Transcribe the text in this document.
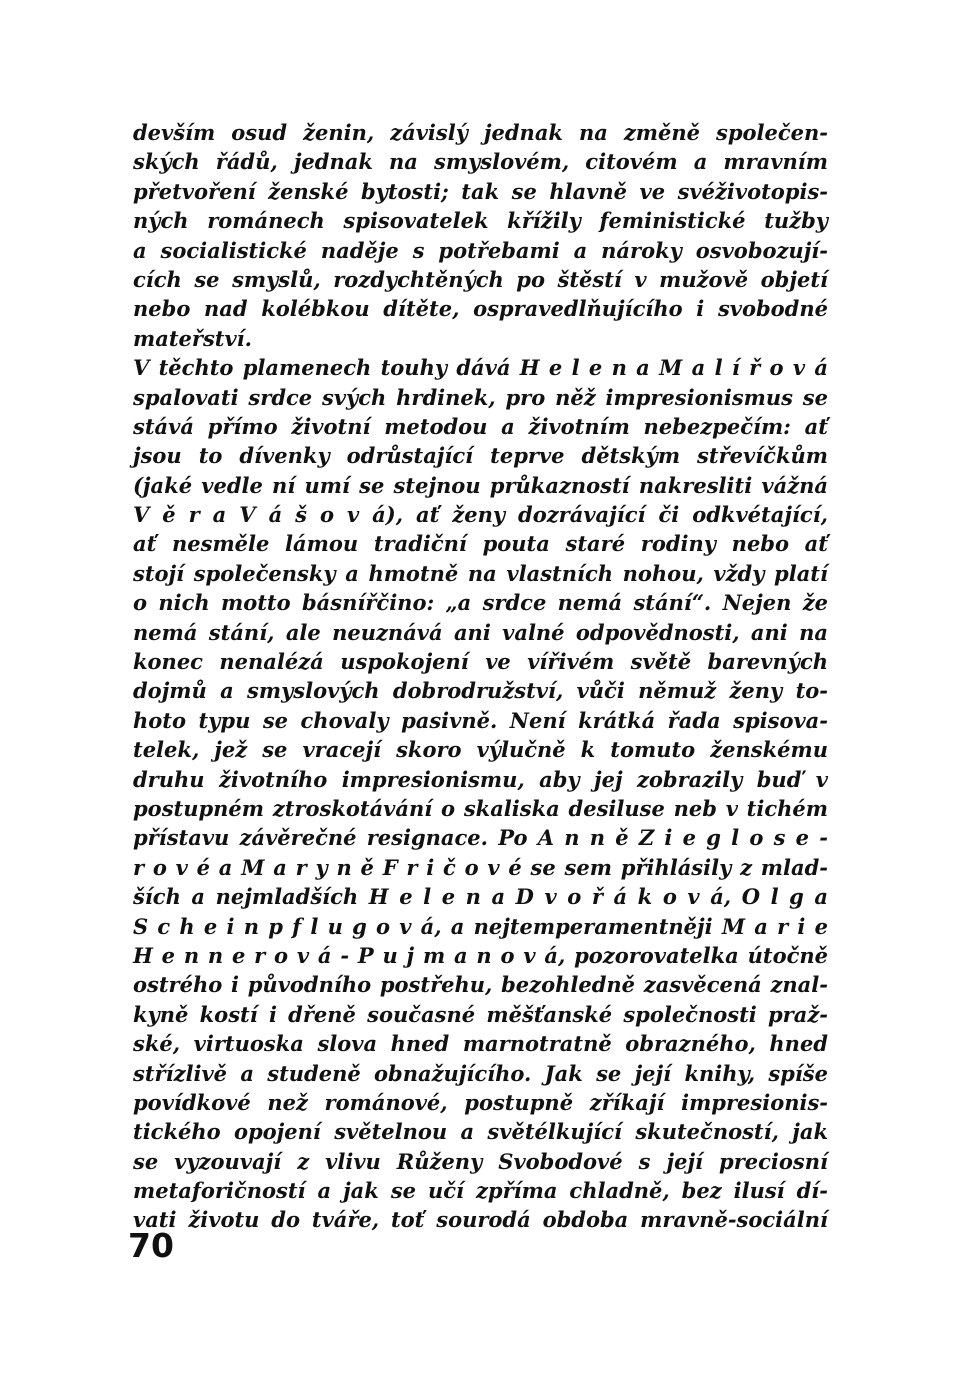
devším osud ženin, závislý jednak na změně společen-
ských řádů, jednak na smyslovém, citovém a mravním
přetvoření ženské bytosti; tak se hlavně ve svéživotopis-
ných románech spisovatelek křížily feministické tužby
a socialistické naděje s potřebami a nároky osvobozují-
cích se smyslů, rozdychtěných po štěstí v mužově objetí
nebo nad kolébkou dítěte, ospravedlňujícího i svobodné
mateřství.
V těchto plamenech touhy dává H e l e n a M a l í ř o v á
spalovati srdce svých hrdinek, pro něž impresionismus se
stává přímo životní metodou a životním nebezpečím: ať
jsou to dívenky odrůstající teprve dětským střevíčkům
(jaké vedle ní umí se stejnou průkazností nakresliti vážná
V ě r a V á š o v á), ať ženy dozrávající či odkvétající,
ať nesměle lámou tradiční pouta staré rodiny nebo ať
stojí společensky a hmotně na vlastních nohou, vždy platí
o nich motto básnířčino: „a srdce nemá stání“. Nejen že
nemá stání, ale neuznává ani valné odpovědnosti, ani na
konec nenalézá uspokojení ve vířivém světě barevných
dojmů a smyslových dobrodružství, vůči němuž ženy to-
hoto typu se chovaly pasivně. Není krátká řada spisova-
telek, jež se vracejí skoro výlučně k tomuto ženskému
druhu životního impresionismu, aby jej zobrazily buď v
postupném ztroskotávání o skaliska desiluse neb v tichém
přístavu závěrečné resignace. Po A n n ě Z i e g l o s e -
r o v é a M a r y n ě F r i č o v é se sem přihlásily z mlad-
ších a nejmladších H e l e n a D v o ř á k o v á, O l g a
S c h e i n p f l u g o v á, a nejtemperamentněji M a r i e
H e n n e r o v á - P u j m a n o v á, pozorovatelka útočně
ostrého i původního postřehu, bezohledně zasvěcená znal-
kyně kostí i dřeně současné měšťanské společnosti praž-
ské, virtuoska slova hned marnotratně obrazného, hned
střízlivě a studeně obnažujícího. Jak se její knihy, spíše
povídkové než románové, postupně zříkají impresionis-
tického opojení světelnou a světélkující skutečností, jak
se vyzouvají z vlivu Růženy Svobodové s její preciosní
metaforičností a jak se učí zpříma chladně, bez ilusí dí-
vati životu do tváře, toť sourodá obdoba mravně-sociální
70
